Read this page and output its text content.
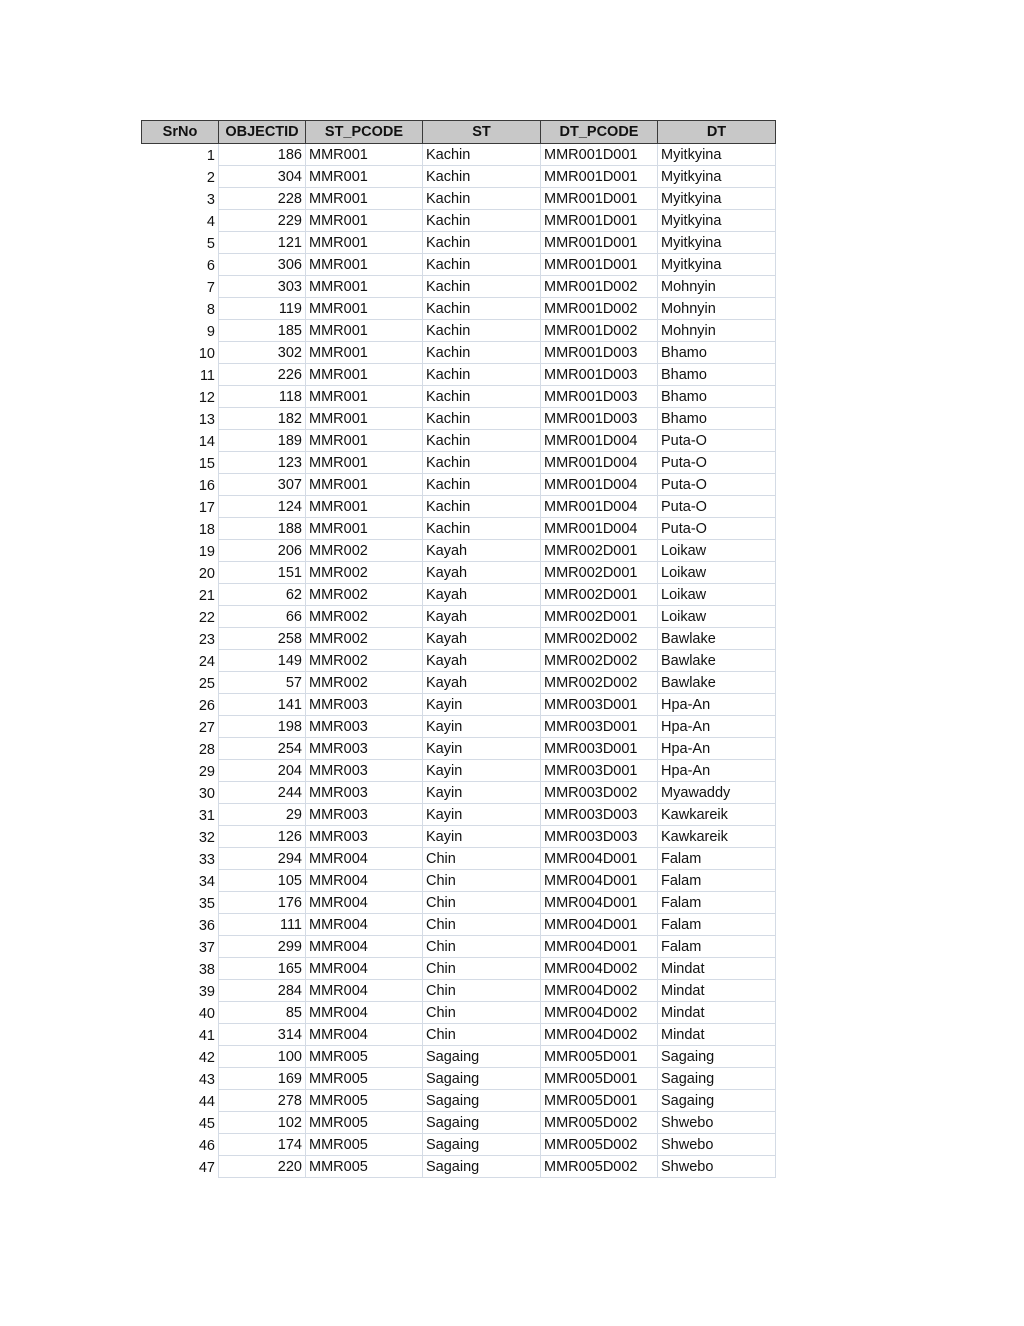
SrNo	OBJECTID	ST_PCODE	ST	DT_PCODE	DT
1	186	MMR001	Kachin	MMR001D001	Myitkyina
2	304	MMR001	Kachin	MMR001D001	Myitkyina
3	228	MMR001	Kachin	MMR001D001	Myitkyina
4	229	MMR001	Kachin	MMR001D001	Myitkyina
5	121	MMR001	Kachin	MMR001D001	Myitkyina
6	306	MMR001	Kachin	MMR001D001	Myitkyina
7	303	MMR001	Kachin	MMR001D002	Mohnyin
8	119	MMR001	Kachin	MMR001D002	Mohnyin
9	185	MMR001	Kachin	MMR001D002	Mohnyin
10	302	MMR001	Kachin	MMR001D003	Bhamo
11	226	MMR001	Kachin	MMR001D003	Bhamo
12	118	MMR001	Kachin	MMR001D003	Bhamo
13	182	MMR001	Kachin	MMR001D003	Bhamo
14	189	MMR001	Kachin	MMR001D004	Puta-O
15	123	MMR001	Kachin	MMR001D004	Puta-O
16	307	MMR001	Kachin	MMR001D004	Puta-O
17	124	MMR001	Kachin	MMR001D004	Puta-O
18	188	MMR001	Kachin	MMR001D004	Puta-O
19	206	MMR002	Kayah	MMR002D001	Loikaw
20	151	MMR002	Kayah	MMR002D001	Loikaw
21	62	MMR002	Kayah	MMR002D001	Loikaw
22	66	MMR002	Kayah	MMR002D001	Loikaw
23	258	MMR002	Kayah	MMR002D002	Bawlake
24	149	MMR002	Kayah	MMR002D002	Bawlake
25	57	MMR002	Kayah	MMR002D002	Bawlake
26	141	MMR003	Kayin	MMR003D001	Hpa-An
27	198	MMR003	Kayin	MMR003D001	Hpa-An
28	254	MMR003	Kayin	MMR003D001	Hpa-An
29	204	MMR003	Kayin	MMR003D001	Hpa-An
30	244	MMR003	Kayin	MMR003D002	Myawaddy
31	29	MMR003	Kayin	MMR003D003	Kawkareik
32	126	MMR003	Kayin	MMR003D003	Kawkareik
33	294	MMR004	Chin	MMR004D001	Falam
34	105	MMR004	Chin	MMR004D001	Falam
35	176	MMR004	Chin	MMR004D001	Falam
36	111	MMR004	Chin	MMR004D001	Falam
37	299	MMR004	Chin	MMR004D001	Falam
38	165	MMR004	Chin	MMR004D002	Mindat
39	284	MMR004	Chin	MMR004D002	Mindat
40	85	MMR004	Chin	MMR004D002	Mindat
41	314	MMR004	Chin	MMR004D002	Mindat
42	100	MMR005	Sagaing	MMR005D001	Sagaing
43	169	MMR005	Sagaing	MMR005D001	Sagaing
44	278	MMR005	Sagaing	MMR005D001	Sagaing
45	102	MMR005	Sagaing	MMR005D002	Shwebo
46	174	MMR005	Sagaing	MMR005D002	Shwebo
47	220	MMR005	Sagaing	MMR005D002	Shwebo
